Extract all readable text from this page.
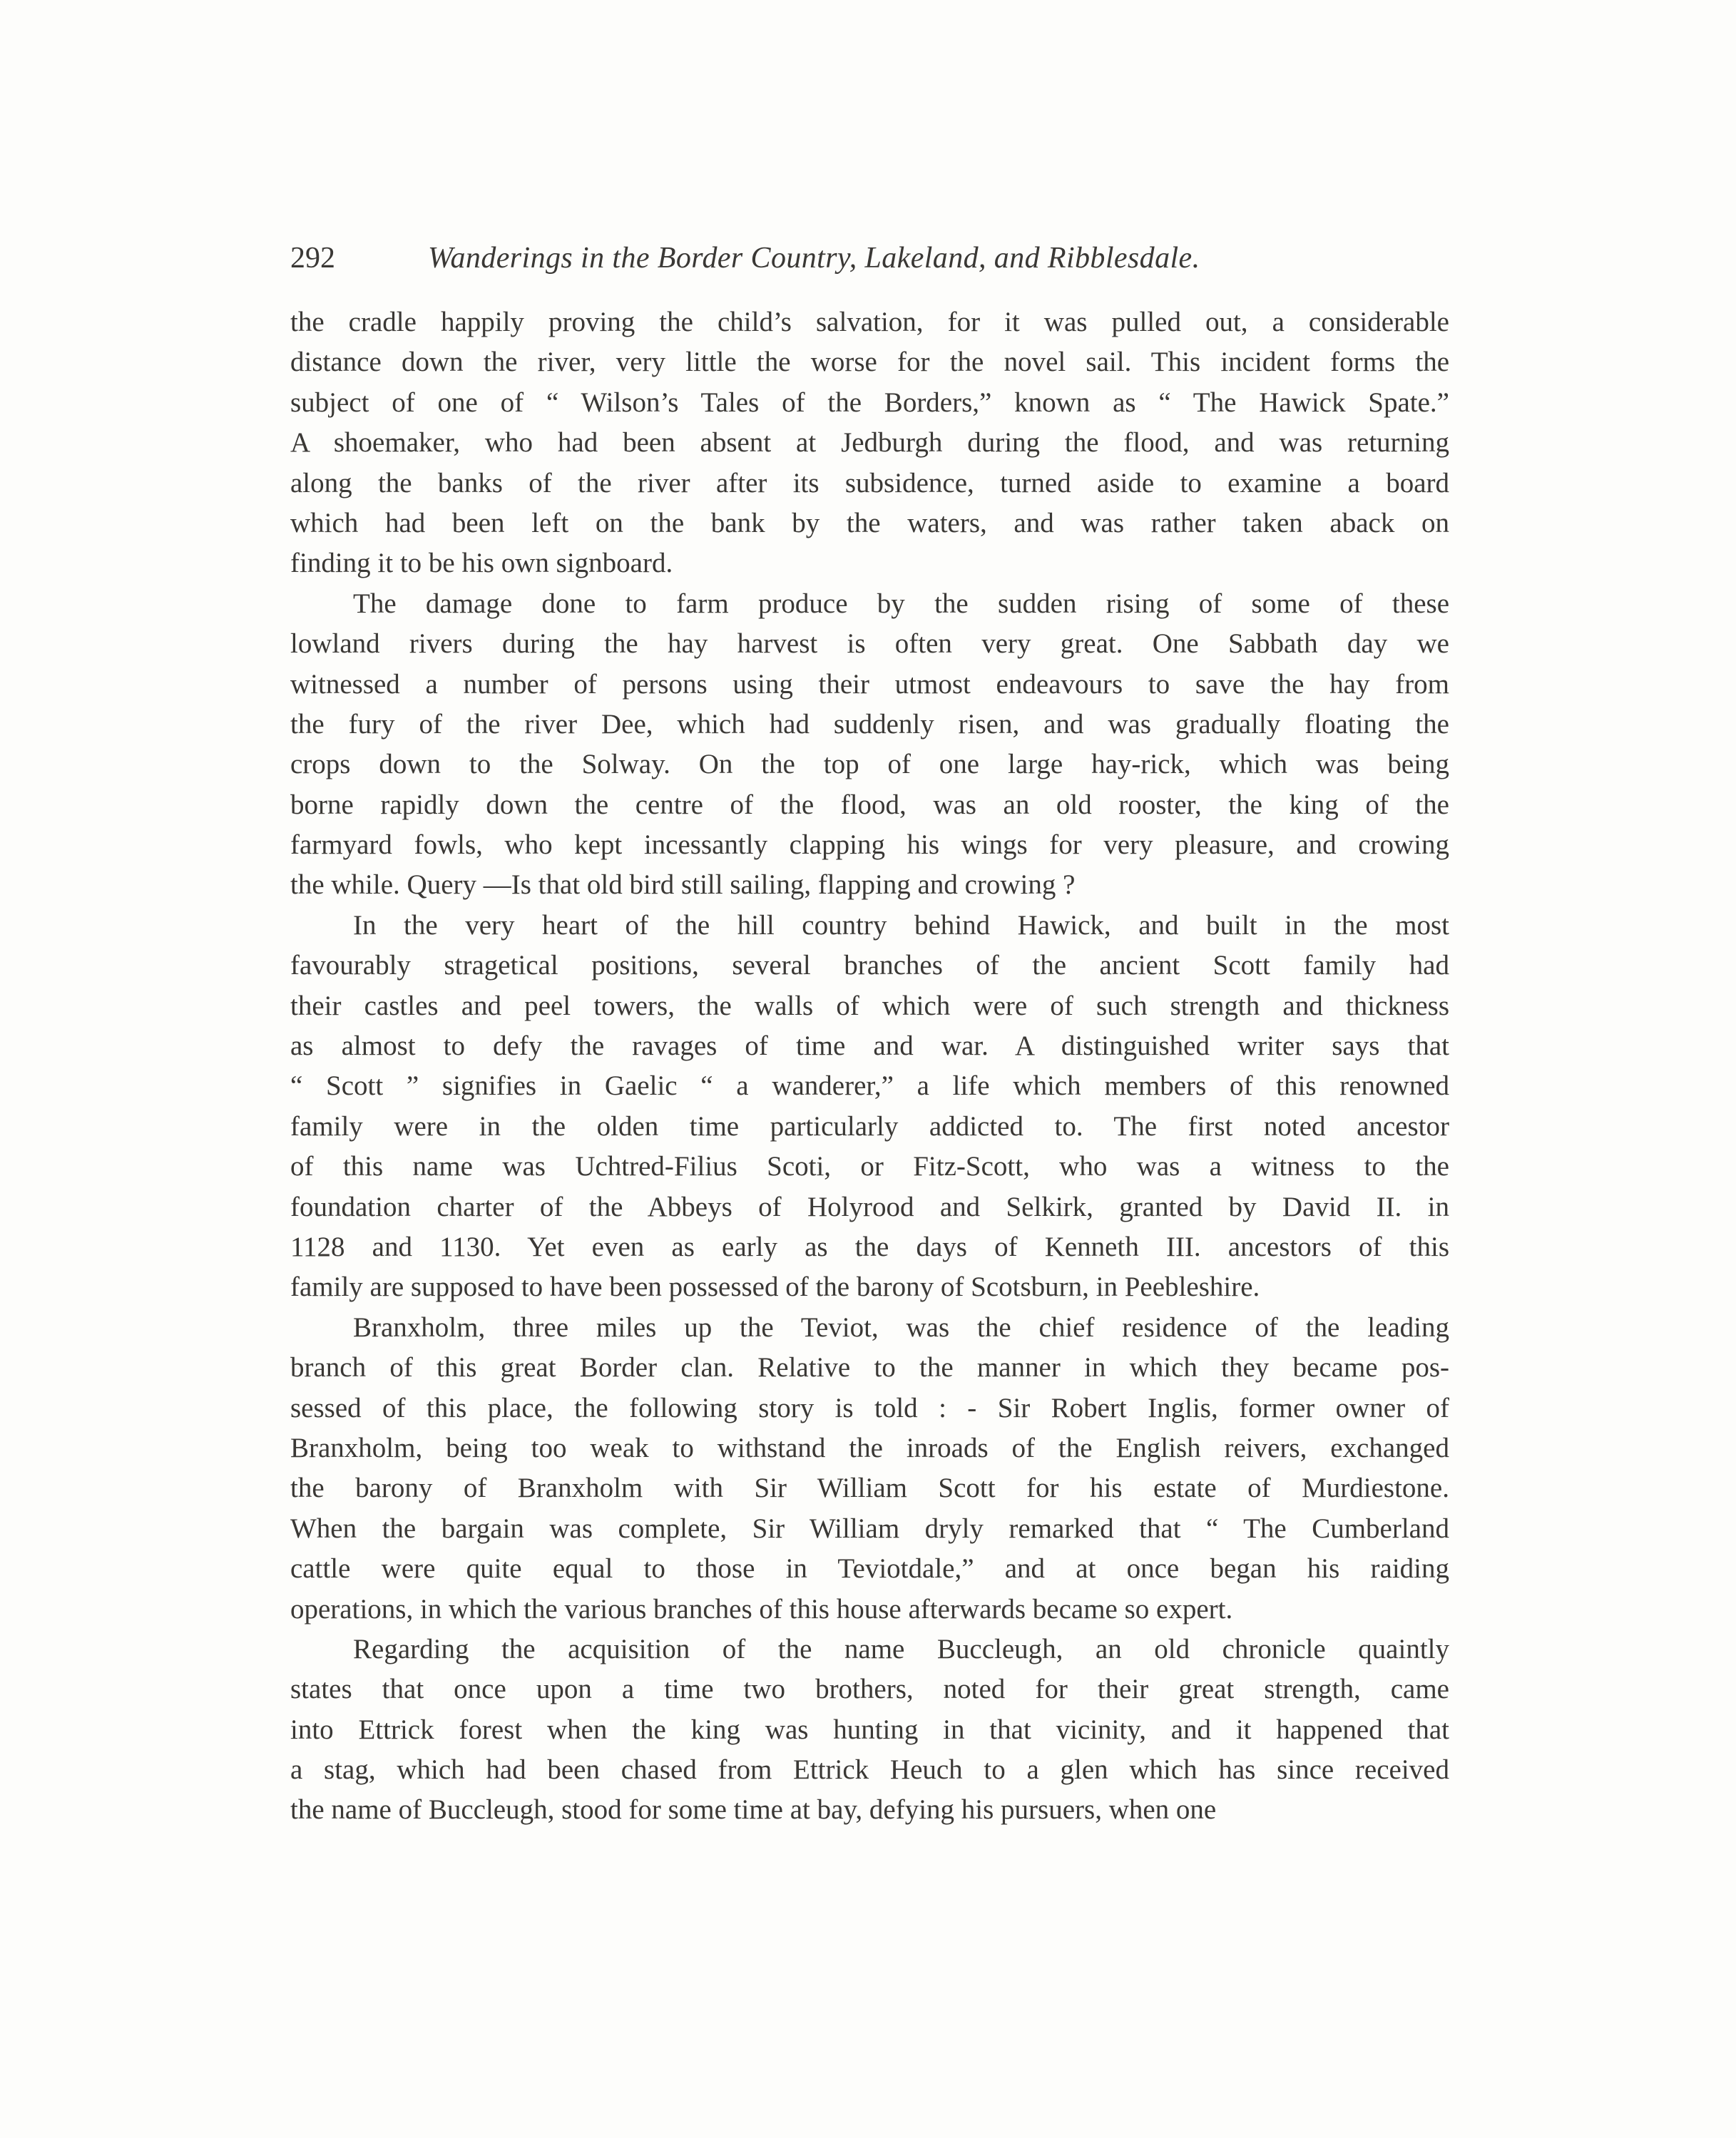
292	Wanderings in the Border Country, Lakeland, and Ribblesdale.
the cradle happily proving the child’s salvation, for it was pulled out, a considerable
distance down the river, very little the worse for the novel sail. This incident forms the
subject of one of “ Wilson’s Tales of the Borders,” known as “ The Hawick Spate.”
A shoemaker, who had been absent at Jedburgh during the flood, and was returning
along the banks of the river after its subsidence, turned aside to examine a board
which had been left on the bank by the waters, and was rather taken aback on
finding it to be his own signboard.
The damage done to farm produce by the sudden rising of some of these
lowland rivers during the hay harvest is often very great. One Sabbath day we
witnessed a number of persons using their utmost endeavours to save the hay from
the fury of the river Dee, which had suddenly risen, and was gradually floating the
crops down to the Solway. On the top of one large hay-rick, which was being
borne rapidly down the centre of the flood, was an old rooster, the king of the
farmyard fowls, who kept incessantly clapping his wings for very pleasure, and crowing
the while. Query —Is that old bird still sailing, flapping and crowing ?
In the very heart of the hill country behind Hawick, and built in the most
favourably stragetical positions, several branches of the ancient Scott family had
their castles and peel towers, the walls of which were of such strength and thickness
as almost to defy the ravages of time and war. A distinguished writer says that
“ Scott ” signifies in Gaelic “ a wanderer,” a life which members of this renowned
family were in the olden time particularly addicted to. The first noted ancestor
of this name was Uchtred-Filius Scoti, or Fitz-Scott, who was a witness to the
foundation charter of the Abbeys of Holyrood and Selkirk, granted by David II. in
1128 and 1130. Yet even as early as the days of Kenneth III. ancestors of this
family are supposed to have been possessed of the barony of Scotsburn, in Peebleshire.
Branxholm, three miles up the Teviot, was the chief residence of the leading
branch of this great Border clan. Relative to the manner in which they became pos-
sessed of this place, the following story is told : - Sir Robert Inglis, former owner of
Branxholm, being too weak to withstand the inroads of the English reivers, exchanged
the barony of Branxholm with Sir William Scott for his estate of Murdiestone.
When the bargain was complete, Sir William dryly remarked that “ The Cumberland
cattle were quite equal to those in Teviotdale,” and at once began his raiding
operations, in which the various branches of this house afterwards became so expert.
Regarding the acquisition of the name Buccleugh, an old chronicle quaintly
states that once upon a time two brothers, noted for their great strength, came
into Ettrick forest when the king was hunting in that vicinity, and it happened that
a stag, which had been chased from Ettrick Heuch to a glen which has since received
the name of Buccleugh, stood for some time at bay, defying his pursuers, when one
